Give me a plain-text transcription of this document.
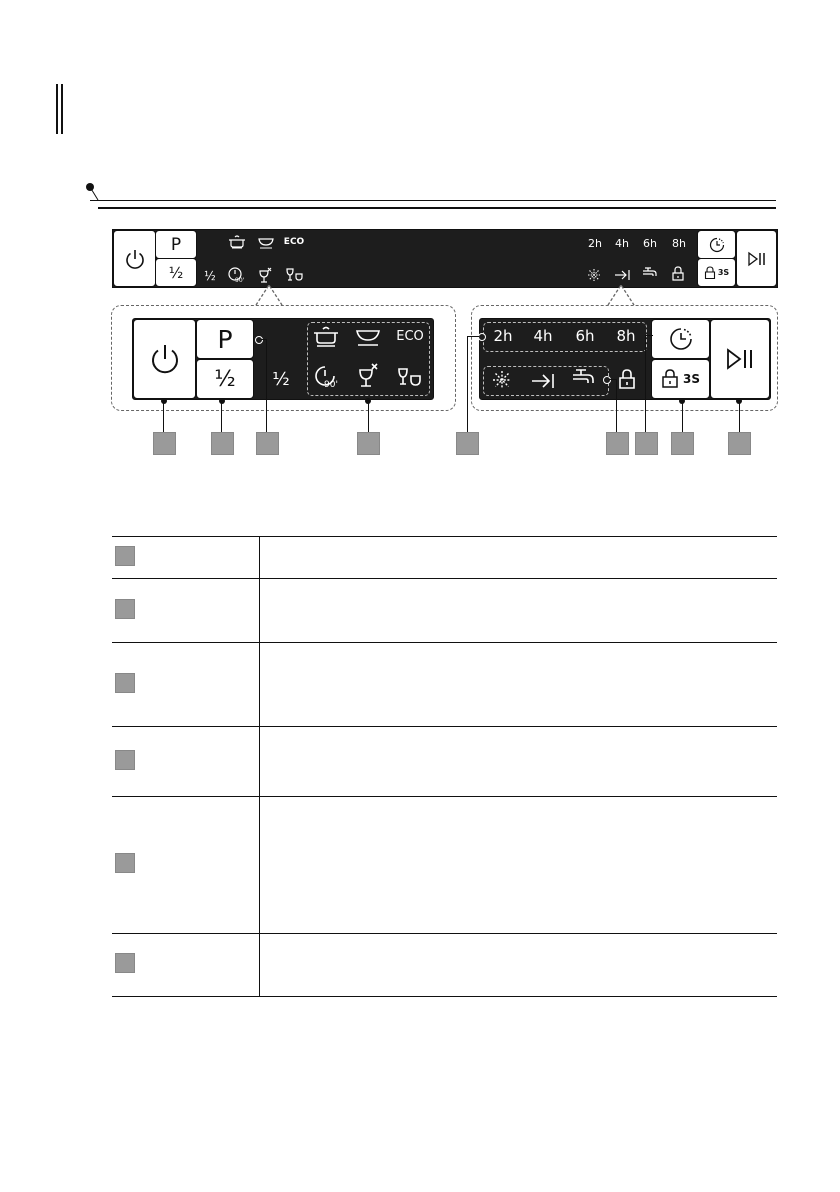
P
½	½
ECO
90'
2h	4h	6h	8h
3S
P
½	½
ECO
90'
2h	4h	6h	8h
3S
